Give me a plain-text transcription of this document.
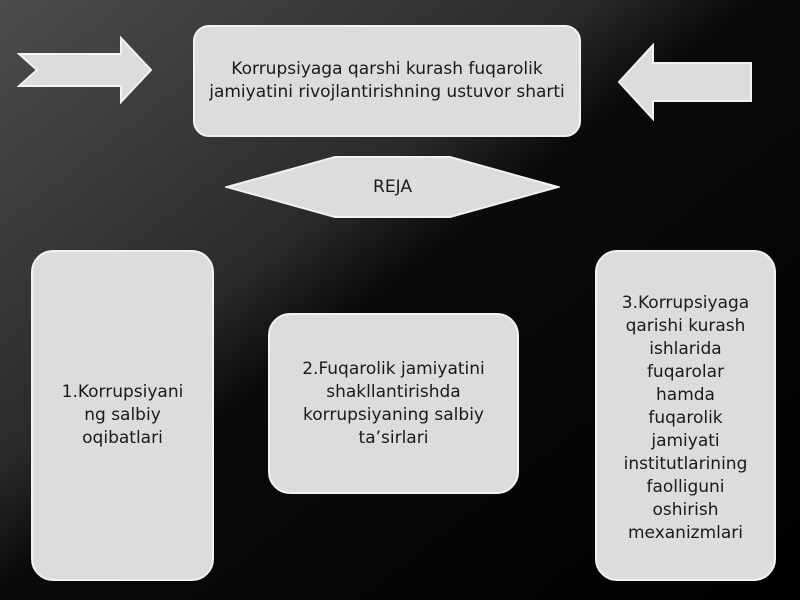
Korrupsiyaga qarshi kurash fuqarolik jamiyatini rivojlantirishning ustuvor sharti
REJA
1.Korrupsiyani
ng salbiy
oqibatlari
2.Fuqarolik jamiyatini
shakllantirishda
korrupsiyaning salbiy
ta’sirlari
3.Korrupsiyaga
qarishi kurash
ishlarida
fuqarolar
hamda
fuqarolik
jamiyati
institutlarining
faolliguni
oshirish
mexanizmlari
